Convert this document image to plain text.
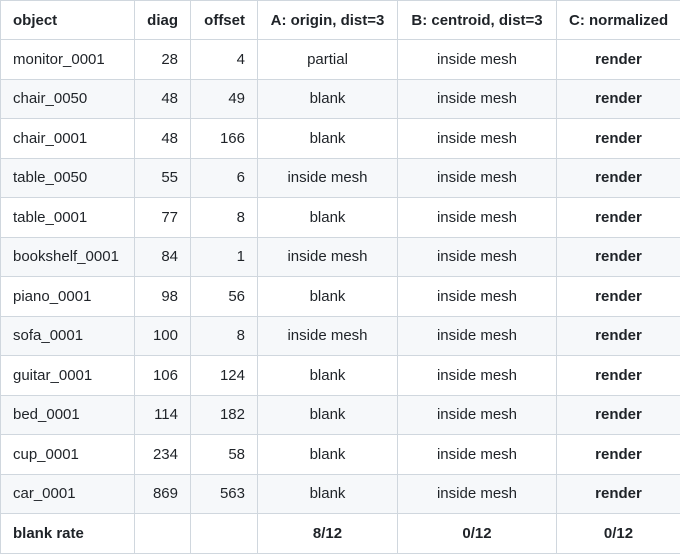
object	diag	offset	A: origin, dist=3	B: centroid, dist=3	C: normalized
monitor_0001	28	4	partial	inside mesh	render
chair_0050	48	49	blank	inside mesh	render
chair_0001	48	166	blank	inside mesh	render
table_0050	55	6	inside mesh	inside mesh	render
table_0001	77	8	blank	inside mesh	render
bookshelf_0001	84	1	inside mesh	inside mesh	render
piano_0001	98	56	blank	inside mesh	render
sofa_0001	100	8	inside mesh	inside mesh	render
guitar_0001	106	124	blank	inside mesh	render
bed_0001	114	182	blank	inside mesh	render
cup_0001	234	58	blank	inside mesh	render
car_0001	869	563	blank	inside mesh	render
blank rate			8/12	0/12	0/12
